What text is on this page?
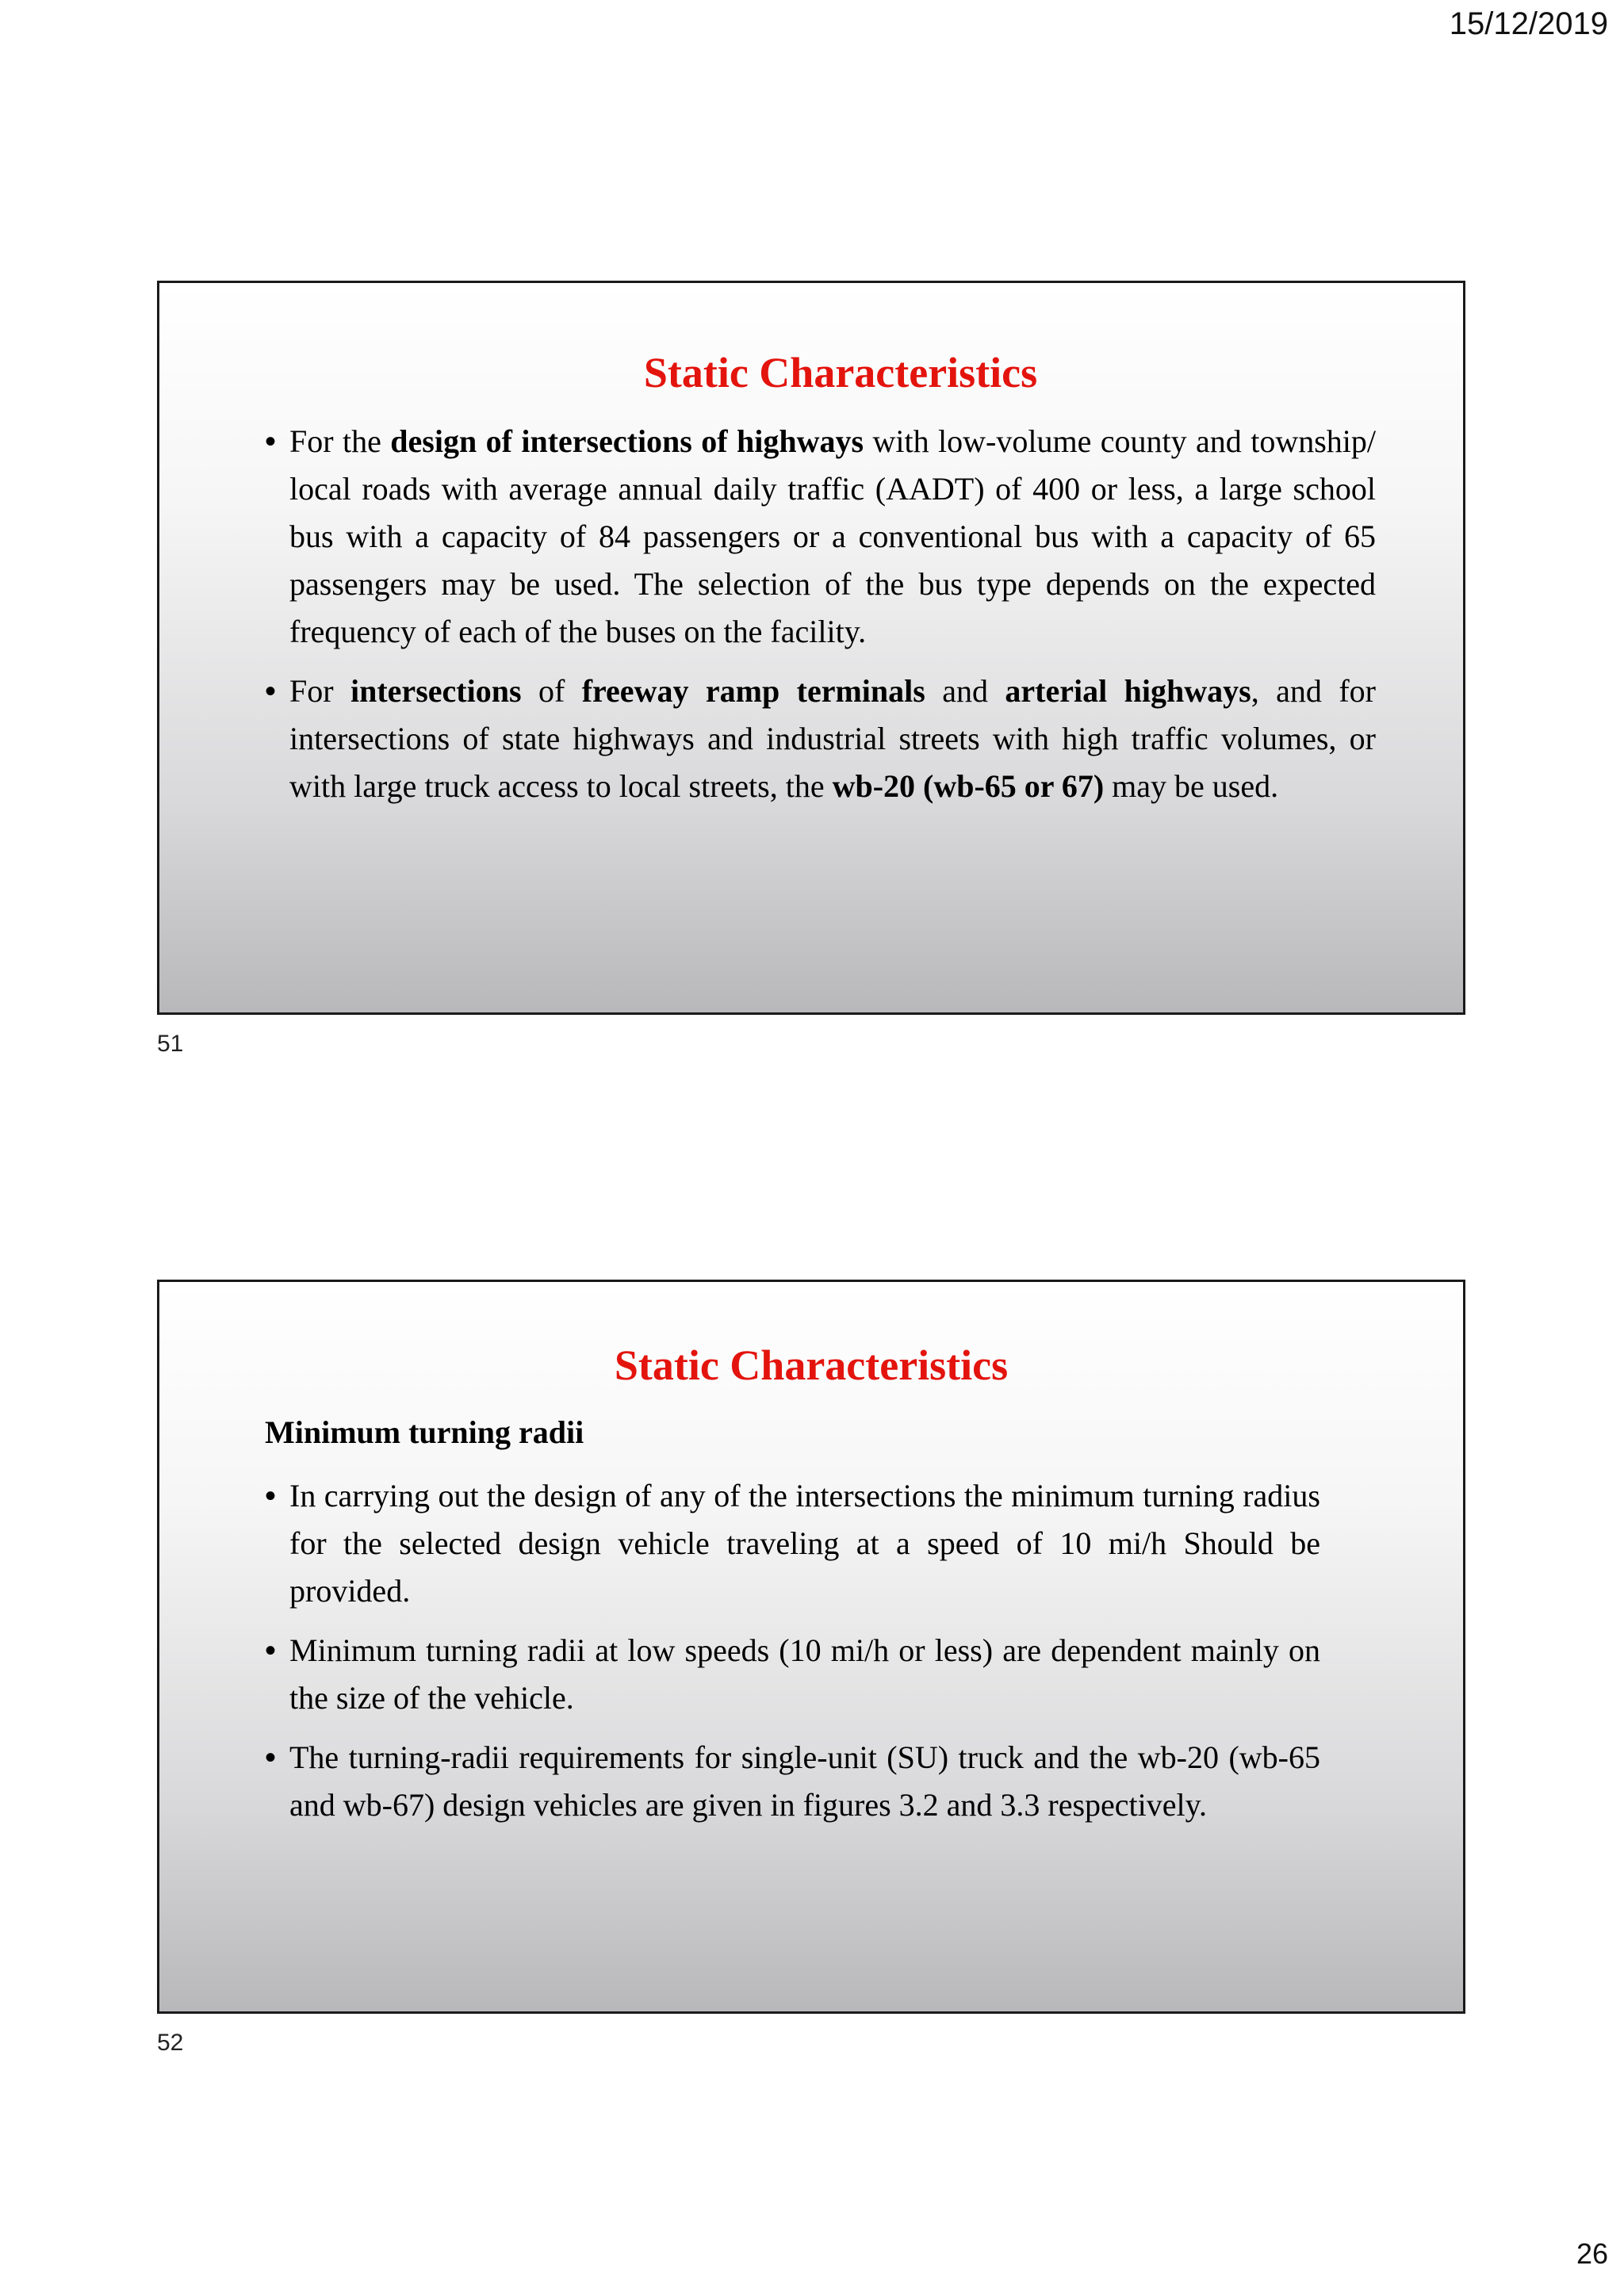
15/12/2019
Static Characteristics
• For the design of intersections of highways with low-volume county and township/ local roads with average annual daily traffic (AADT) of 400 or less, a large school bus with a capacity of 84 passengers or a conventional bus with a capacity of 65 passengers may be used. The selection of the bus type depends on the expected frequency of each of the buses on the facility.
• For intersections of freeway ramp terminals and arterial highways, and for intersections of state highways and industrial streets with high traffic volumes, or with large truck access to local streets, the wb-20 (wb-65 or 67) may be used.
51
Static Characteristics
Minimum turning radii
• In carrying out the design of any of the intersections the minimum turning radius for the selected design vehicle traveling at a speed of 10 mi/h Should be provided.
• Minimum turning radii at low speeds (10 mi/h or less) are dependent mainly on the size of the vehicle.
• The turning-radii requirements for single-unit (SU) truck and the wb-20 (wb-65 and wb-67) design vehicles are given in figures 3.2 and 3.3 respectively.
52
26
